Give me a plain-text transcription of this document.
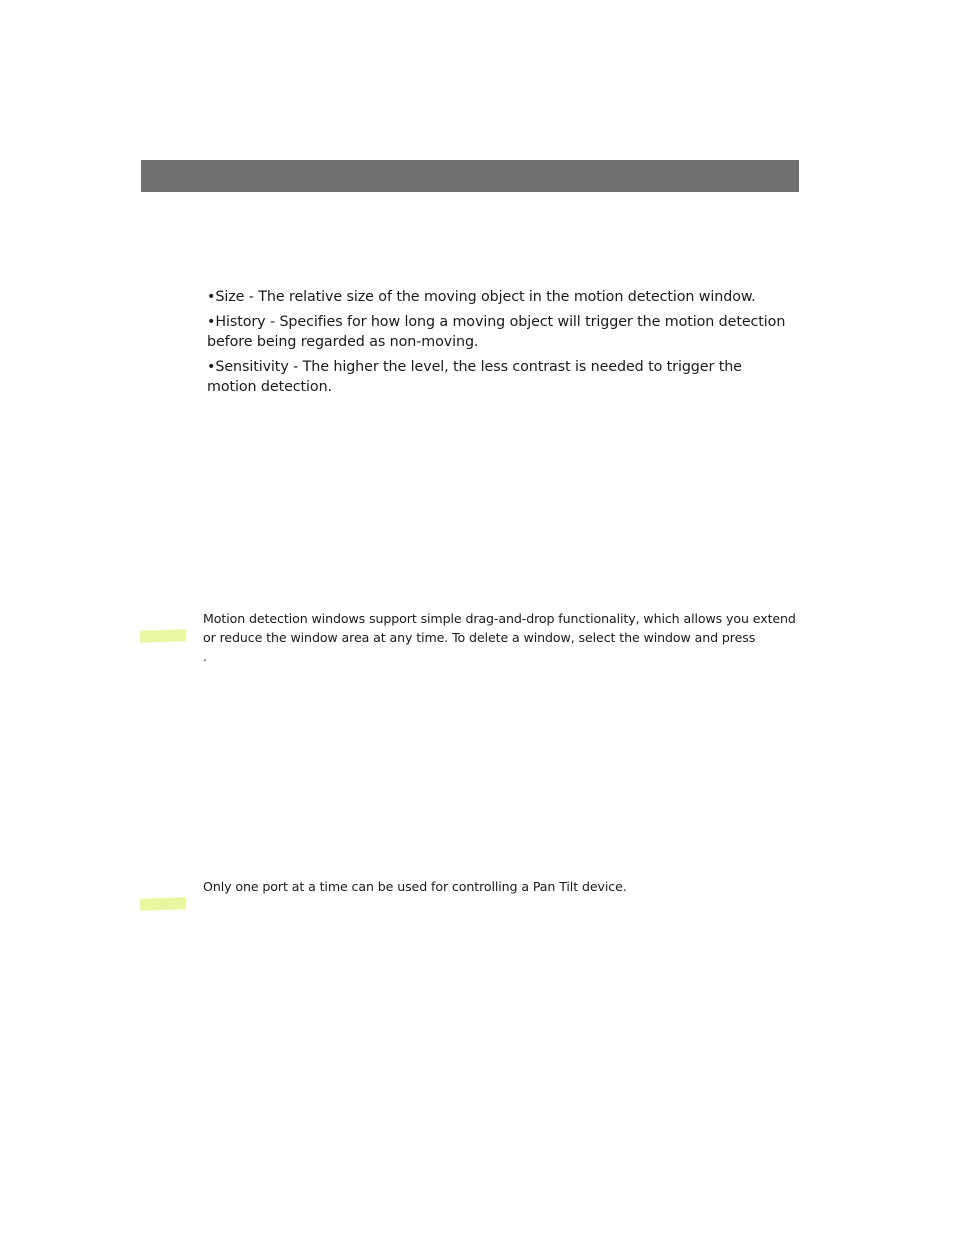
•Size - The relative size of the moving object in the motion detection window.
•History - Specifies for how long a moving object will trigger the motion detection before being regarded as non-moving.
•Sensitivity - The higher the level, the less contrast is needed to trigger the motion detection.

Motion detection windows support simple drag-and-drop functionality, which allows you extend or reduce the window area at any time. To delete a window, select the window and press.

Only one port at a time can be used for controlling a Pan Tilt device.
